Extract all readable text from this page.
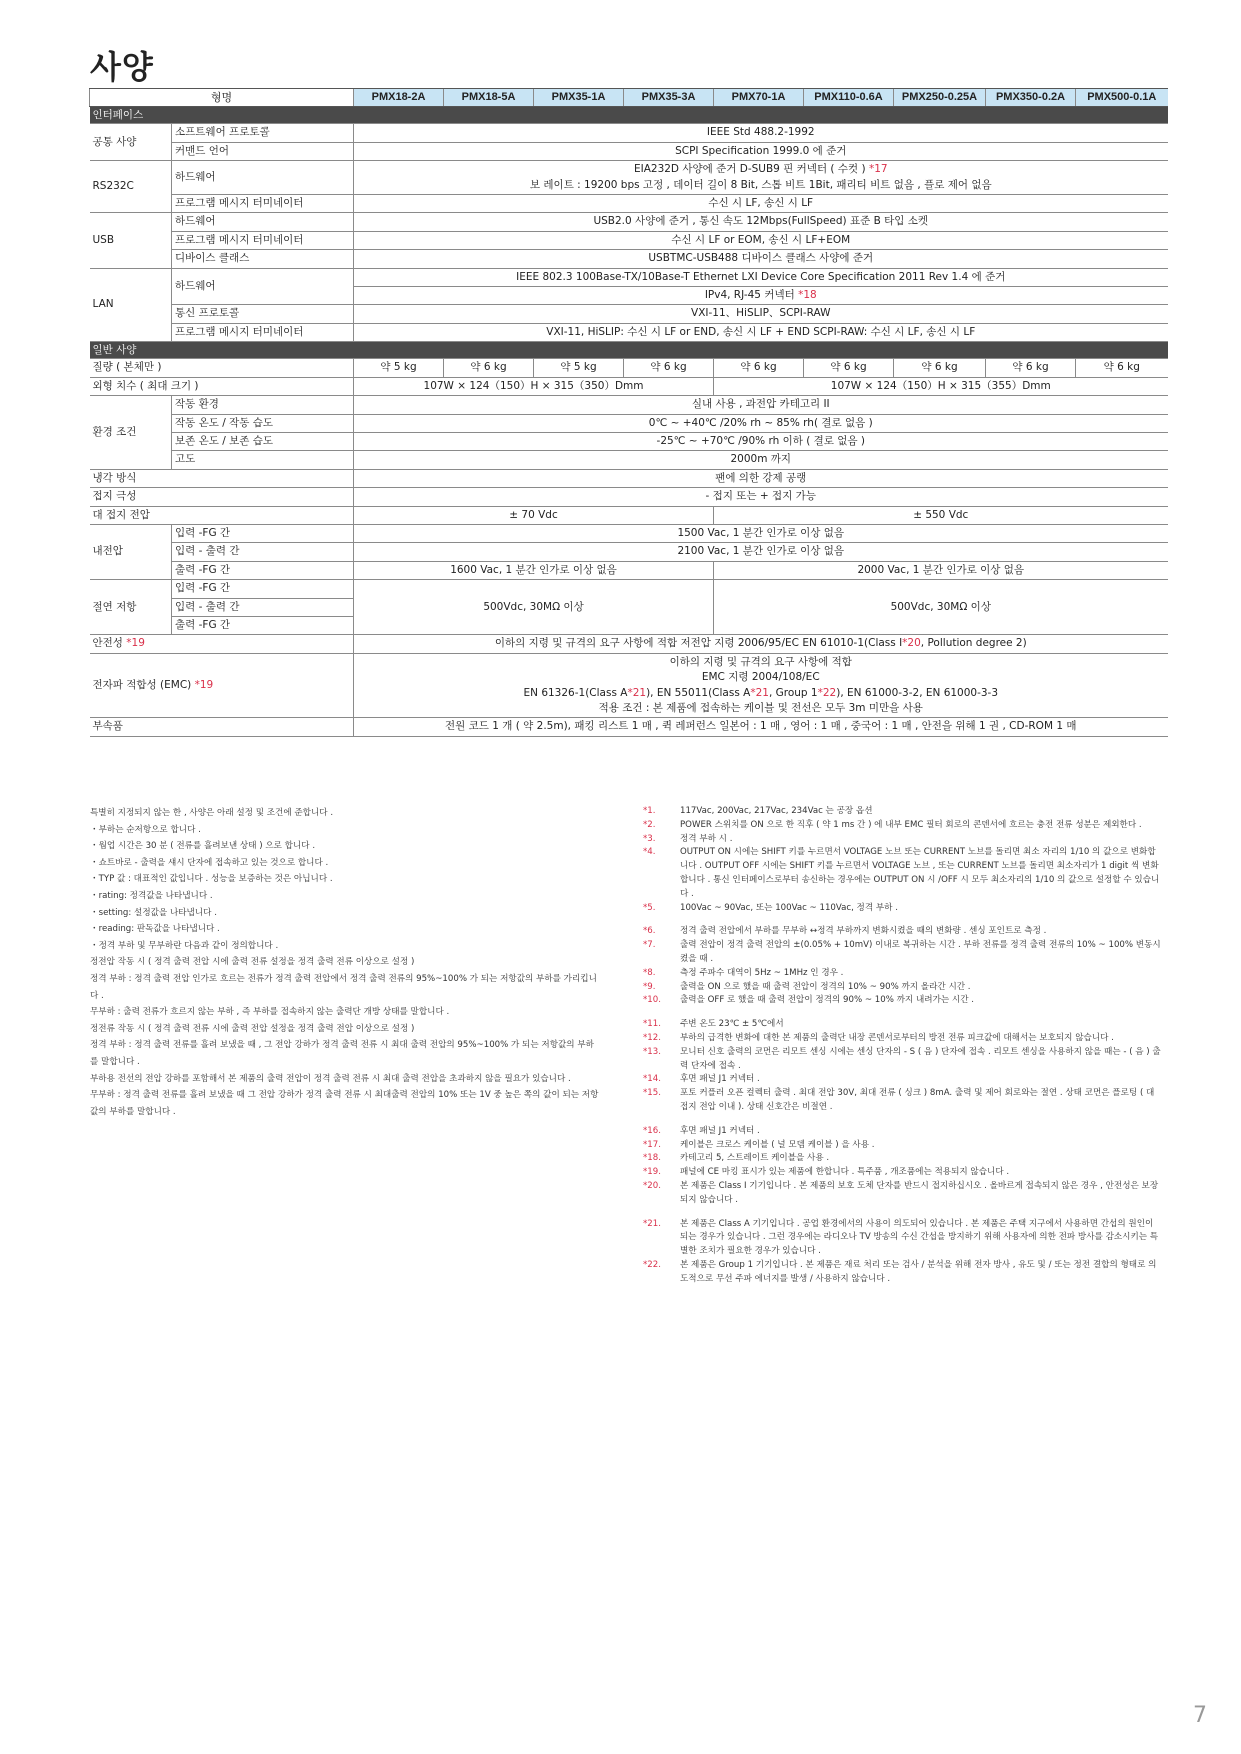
사양
형명		PMX18-2A	PMX18-5A	PMX35-1A	PMX35-3A	PMX70-1A	PMX110-0.6A	PMX250-0.25A	PMX350-0.2A	PMX500-0.1A
인터페이스										
공통 사양	소프트웨어 프로토콜	IEEE Std 488.2-1992								
	커맨드 언어	SCPI Specification 1999.0 에 준거								
RS232C	하드웨어	EIA232D 사양에 준거 D-SUB9 핀 커넥터 ( 수컷 ) *17
보 레이트 : 19200 bps 고정 , 데이터 길이 8 Bit, 스톱 비트 1Bit, 패리티 비트 없음 , 플로 제어 없음								
	프로그램 메시지 터미네이터	수신 시 LF, 송신 시 LF								
USB	하드웨어	USB2.0 사양에 준거 , 통신 속도 12Mbps(FullSpeed) 표준 B 타입 소켓								
	프로그램 메시지 터미네이터	수신 시 LF or EOM, 송신 시 LF+EOM								
	디바이스 클래스	USBTMC-USB488 디바이스 클래스 사양에 준거								
LAN	하드웨어	IEEE 802.3 100Base-TX/10Base-T Ethernet LXI Device Core Specification 2011 Rev 1.4 에 준거								
		IPv4, RJ-45 커넥터 *18								
	통신 프로토콜	VXI-11、HiSLIP、SCPI-RAW								
	프로그램 메시지 터미네이터	VXI-11, HiSLIP: 수신 시 LF or END, 송신 시 LF + END SCPI-RAW: 수신 시 LF, 송신 시 LF								
일반 사양										
질량 ( 본체만 )		약 5 kg	약 6 kg	약 5 kg	약 6 kg	약 6 kg	약 6 kg	약 6 kg	약 6 kg	약 6 kg
외형 치수 ( 최대 크기 )		107W × 124（150）H × 315（350）Dmm				107W × 124（150）H × 315（355）Dmm				
환경 조건	작동 환경	실내 사용 , 과전압 카테고리 II								
	작동 온도 / 작동 습도	0℃ ~ +40℃ /20% rh ~ 85% rh( 결로 없음 )								
	보존 온도 / 보존 습도	-25℃ ~ +70℃ /90% rh 이하 ( 결로 없음 )								
	고도	2000m 까지								
냉각 방식		팬에 의한 강제 공랭								
접지 극성		- 접지 또는 + 접지 가능								
대 접지 전압		± 70 Vdc				± 550 Vdc				
내전압	입력 -FG 간	1500 Vac, 1 분간 인가로 이상 없음								
	입력 - 출력 간	2100 Vac, 1 분간 인가로 이상 없음								
	출력 -FG 간	1600 Vac, 1 분간 인가로 이상 없음				2000 Vac, 1 분간 인가로 이상 없음				
절연 저항	입력 -FG 간	500Vdc, 30MΩ 이상				500Vdc, 30MΩ 이상				
	입력 - 출력 간									
	출력 -FG 간									
안전성 *19		이하의 지령 및 규격의 요구 사항에 적합 저전압 지령 2006/95/EC EN 61010-1(Class I*20, Pollution degree 2)								
전자파 적합성 (EMC) *19		이하의 지령 및 규격의 요구 사항에 적합
EMC 지령 2004/108/EC
EN 61326-1(Class A*21), EN 55011(Class A*21, Group 1*22), EN 61000-3-2, EN 61000-3-3
적용 조건 : 본 제품에 접속하는 케이블 및 전선은 모두 3m 미만을 사용								
부속품		전원 코드 1 개 ( 약 2.5m), 패킹 리스트 1 매 , 퀵 레퍼런스 일본어 : 1 매 , 영어 : 1 매 , 중국어 : 1 매 , 안전을 위해 1 권 , CD-ROM 1 매								
특별히 지정되지 않는 한 , 사양은 아래 설정 및 조건에 준합니다 .
・부하는 순저항으로 합니다 .
・웜업 시간은 30 분 ( 전류를 흘려보낸 상태 ) 으로 합니다 .
・쇼트바로 - 출력을 섀시 단자에 접속하고 있는 것으로 합니다 .
・TYP 값 : 대표적인 값입니다 . 성능을 보증하는 것은 아닙니다 .
・rating: 정격값을 나타냅니다 .
・setting: 설정값을 나타냅니다 .
・reading: 판독값을 나타냅니다 .
・정격 부하 및 무부하란 다음과 같이 정의합니다 .
정전압 작동 시 ( 정격 출력 전압 시에 출력 전류 설정을 정격 출력 전류 이상으로 설정 )
정격 부하 : 정격 출력 전압 인가로 흐르는 전류가 정격 출력 전압에서 정격 출력 전류의 95%~100% 가 되는 저항값의 부하를 가리킵니다 .
무부하 : 출력 전류가 흐르지 않는 부하 , 즉 부하를 접속하지 않는 출력단 개방 상태를 말합니다 .
정전류 작동 시 ( 정격 출력 전류 시에 출력 전압 설정을 정격 출력 전압 이상으로 설정 )
정격 부하 : 정격 출력 전류를 흘려 보냈을 때 , 그 전압 강하가 정격 출력 전류 시 최대 출력 전압의 95%~100% 가 되는 저항값의 부하를 말합니다 .
부하용 전선의 전압 강하를 포함해서 본 제품의 출력 전압이 정격 출력 전류 시 최대 출력 전압을 초과하지 않을 필요가 있습니다 .
무부하 : 정격 출력 전류를 흘려 보냈을 때 그 전압 강하가 정격 출력 전류 시 최대출력 전압의 10% 또는 1V 중 높은 쪽의 값이 되는 저항값의 부하를 말합니다 .
*1.	117Vac, 200Vac, 217Vac, 234Vac 는 공장 옵션
*2.	POWER 스위치를 ON 으로 한 직후 ( 약 1 ms 간 ) 에 내부 EMC 필터 회로의 콘덴서에 흐르는 충전 전류 성분은 제외한다 .
*3.	정격 부하 시 .
*4.	OUTPUT ON 시에는 SHIFT 키를 누르면서 VOLTAGE 노브 또는 CURRENT 노브를 돌리면 최소 자리의 1/10 의 값으로 변화합니다 . OUTPUT OFF 시에는 SHIFT 키를 누르면서 VOLTAGE 노브 , 또는 CURRENT 노브를 돌리면 최소자리가 1 digit 씩 변화합니다 . 통신 인터페이스로부터 송신하는 경우에는 OUTPUT ON 시 /OFF 시 모두 최소자리의 1/10 의 값으로 설정할 수 있습니다 .
*5.	100Vac ~ 90Vac, 또는 100Vac ~ 110Vac, 정격 부하 .
*6.	정격 출력 전압에서 부하를 무부하 ↔정격 부하까지 변화시켰을 때의 변화량 . 센싱 포인트로 측정 .
*7.	출력 전압이 정격 출력 전압의 ±(0.05% + 10mV) 이내로 복귀하는 시간 . 부하 전류를 정격 출력 전류의 10% ~ 100% 변동시켰을 때 .
*8.	측정 주파수 대역이 5Hz ~ 1MHz 인 경우 .
*9.	출력을 ON 으로 했을 때 출력 전압이 정격의 10% ~ 90% 까지 올라간 시간 .
*10.	출력을 OFF 로 했을 때 출력 전압이 정격의 90% ~ 10% 까지 내려가는 시간 .
*11.	주변 온도 23℃ ± 5℃에서
*12.	부하의 급격한 변화에 대한 본 제품의 출력단 내장 콘덴서로부터의 방전 전류 피크값에 대해서는 보호되지 않습니다 .
*13.	모니터 신호 출력의 코먼은 리모트 센싱 시에는 센싱 단자의 - S ( 음 ) 단자에 접속 . 리모트 센싱을 사용하지 않을 때는 - ( 음 ) 출력 단자에 접속 .
*14.	후면 패널 J1 커넥터 .
*15.	포토 커플러 오픈 컬렉터 출력 . 최대 전압 30V, 최대 전류 ( 싱크 ) 8mA. 출력 및 제어 회로와는 절연 . 상태 코먼은 플로팅 ( 대 접지 전압 이내 ). 상태 신호간은 비절연 .
*16.	후면 패널 J1 커넥터 .
*17.	케이블은 크로스 케이블 ( 널 모뎀 케이블 ) 을 사용 .
*18.	카테고리 5, 스트레이트 케이블을 사용 .
*19.	패널에 CE 마킹 표시가 있는 제품에 한합니다 . 특주품 , 개조품에는 적용되지 않습니다 .
*20.	본 제품은 Class I 기기입니다 . 본 제품의 보호 도체 단자를 반드시 접지하십시오 . 올바르게 접속되지 않은 경우 , 안전성은 보장되지 않습니다 .
*21.	본 제품은 Class A 기기입니다 . 공업 환경에서의 사용이 의도되어 있습니다 . 본 제품은 주택 지구에서 사용하면 간섭의 원인이 되는 경우가 있습니다 . 그런 경우에는 라디오나 TV 방송의 수신 간섭을 방지하기 위해 사용자에 의한 전파 방사를 감소시키는 특별한 조치가 필요한 경우가 있습니다 .
*22.	본 제품은 Group 1 기기입니다 . 본 제품은 재료 처리 또는 검사 / 분석을 위해 전자 방사 , 유도 및 / 또는 정전 결합의 형태로 의도적으로 무선 주파 에너지를 발생 / 사용하지 않습니다 .
7
